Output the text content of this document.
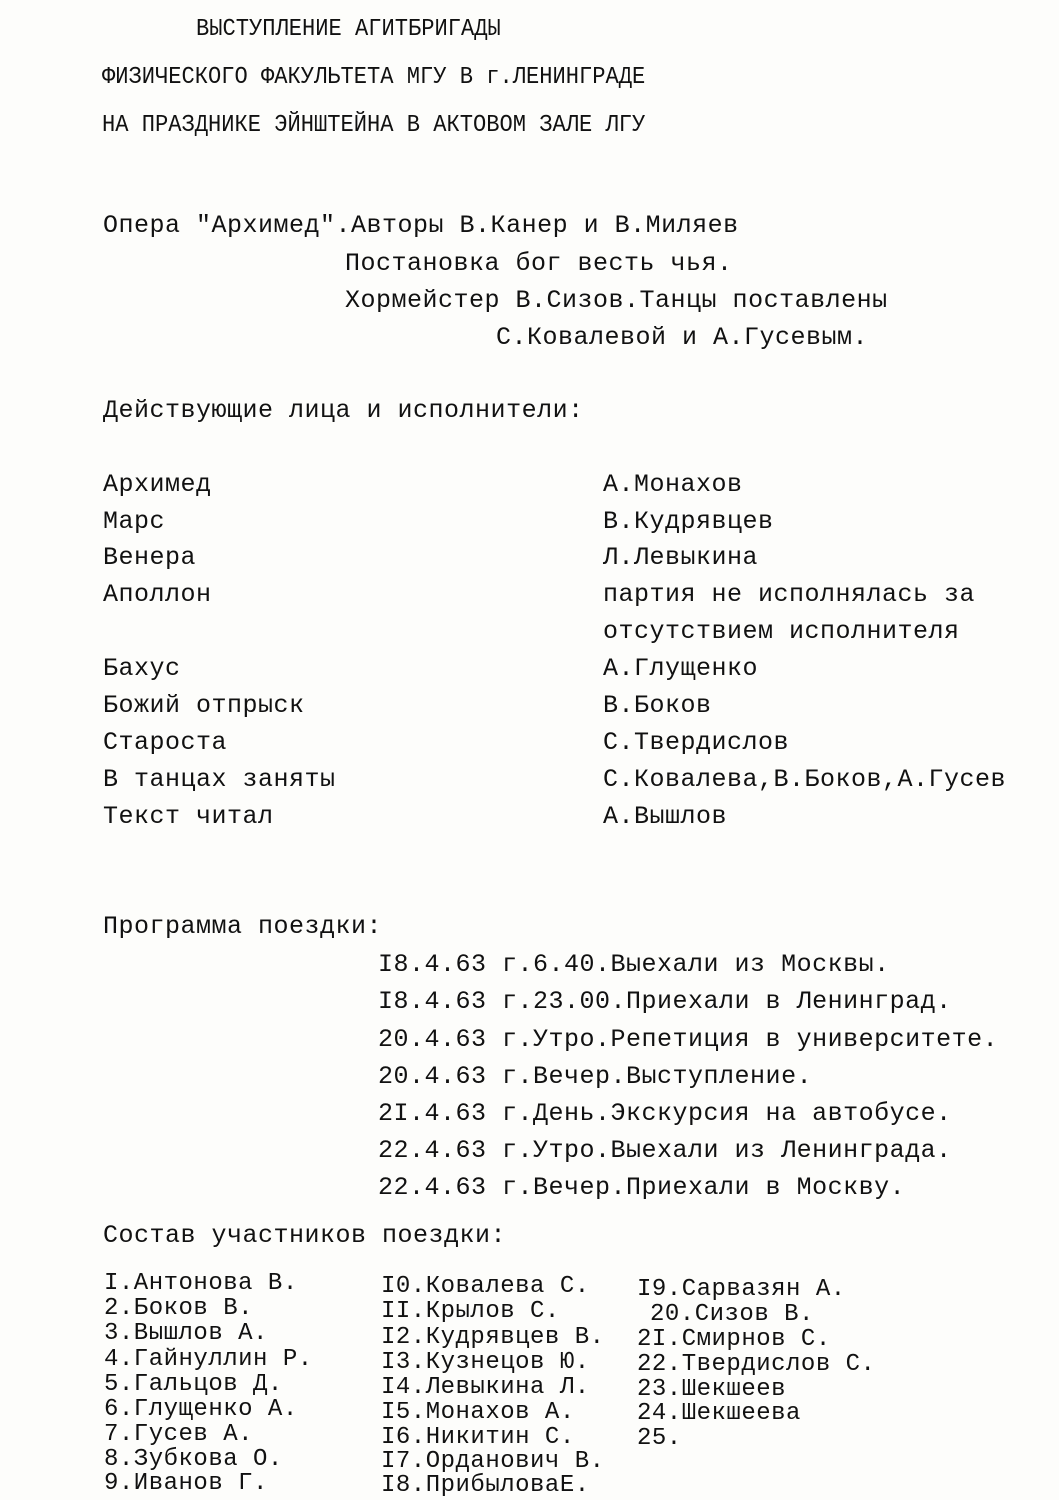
ВЫСТУПЛЕНИЕ АГИТБРИГАДЫ
ФИЗИЧЕСКОГО ФАКУЛЬТЕТА МГУ В г.ЛЕНИНГРАДЕ
НА ПРАЗДНИКЕ ЭЙНШТЕЙНА В АКТОВОМ ЗАЛЕ ЛГУ
Опера "Архимед".Авторы В.Канер и В.Миляев
Постановка бог весть чья.
Хормейстер В.Сизов.Танцы поставлены
С.Ковалевой и А.Гусевым.
Действующие лица и исполнители:
Архимед	А.Монахов
Марс	В.Кудрявцев
Венера	Л.Левыкина
Аполлон	партия не исполнялась за
отсутствием исполнителя
Бахус	А.Глущенко
Божий отпрыск	В.Боков
Староста	С.Твердислов
В танцах заняты	С.Ковалева,В.Боков,А.Гусев
Текст читал	А.Вышлов
Программа поездки:
I8.4.63 г.6.40.Выехали из Москвы.
I8.4.63 г.23.00.Приехали в Ленинград.
20.4.63 г.Утро.Репетиция в университете.
20.4.63 г.Вечер.Выступление.
2I.4.63 г.День.Экскурсия на автобусе.
22.4.63 г.Утро.Выехали из Ленинграда.
22.4.63 г.Вечер.Приехали в Москву.
Состав участников поездки:
I.Антонова В.
2.Боков В.
3.Вышлов А.
4.Гайнуллин Р.
5.Гальцов Д.
6.Глущенко А.
7.Гусев А.
8.Зубкова О.
9.Иванов Г.
I0.Ковалева С.
II.Крылов С.
I2.Кудрявцев В.
I3.Кузнецов Ю.
I4.Левыкина Л.
I5.Монахов А.
I6.Никитин С.
I7.Орданович В.
I8.ПрибыловаЕ.
I9.Сарвазян А.
20.Сизов В.
2I.Смирнов С.
22.Твердислов С.
23.Шекшеев
24.Шекшеева
25.
